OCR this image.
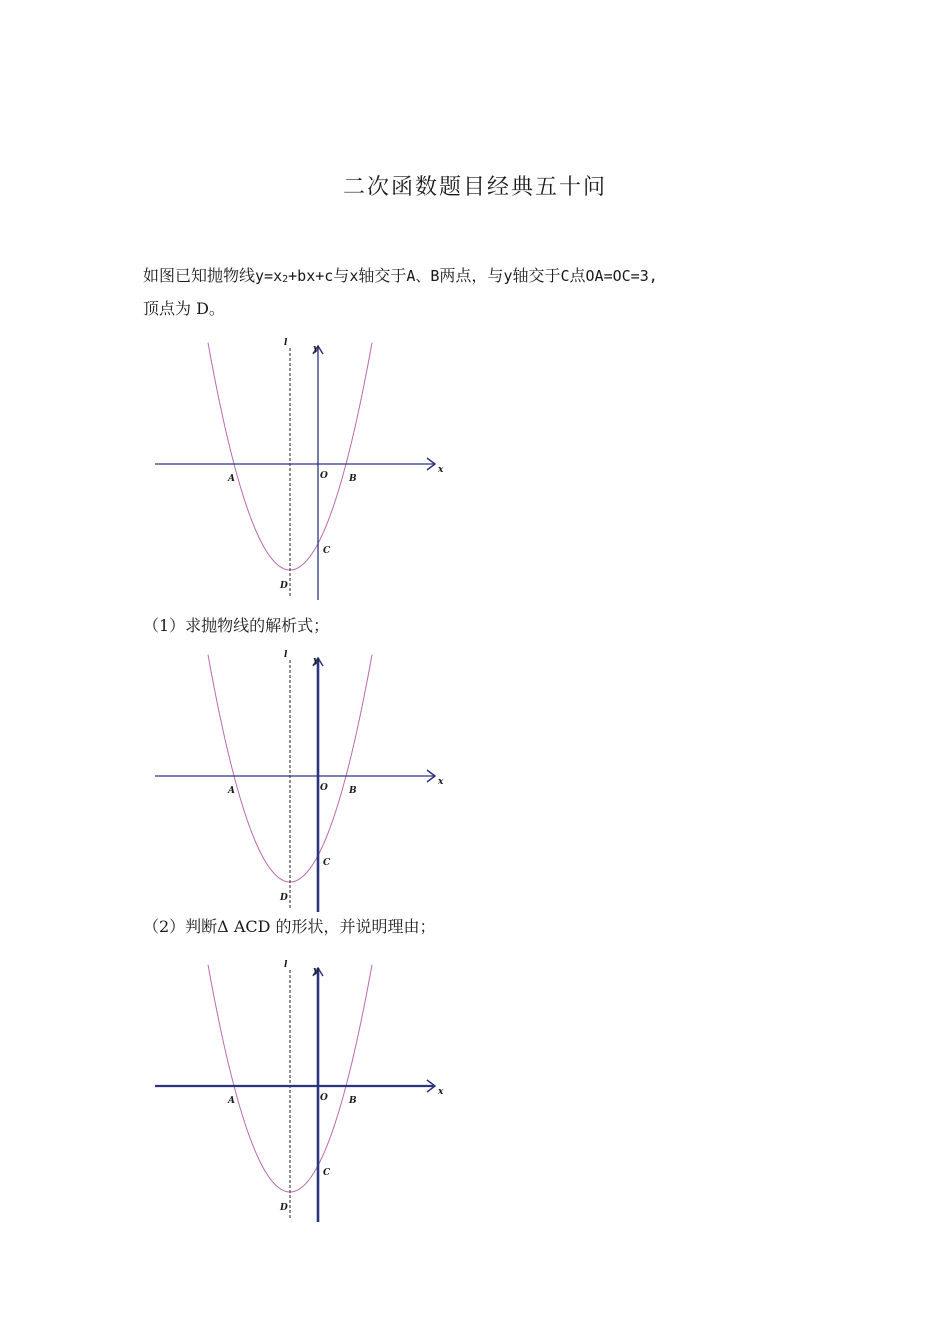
二次函数题目经典五十问
如图已知抛物线$y=x_2+bx+c$与x轴交于A、B两点，与y轴交于C点OA=OC=3,
顶点为 D。
l
y
x
A	O B
C
D
（1）求抛物线的解析式；
l
y
x
A	O B
C
D
（2）判断Δ ACD 的形状，并说明理由；
l
y
x
A	O B
C
D
